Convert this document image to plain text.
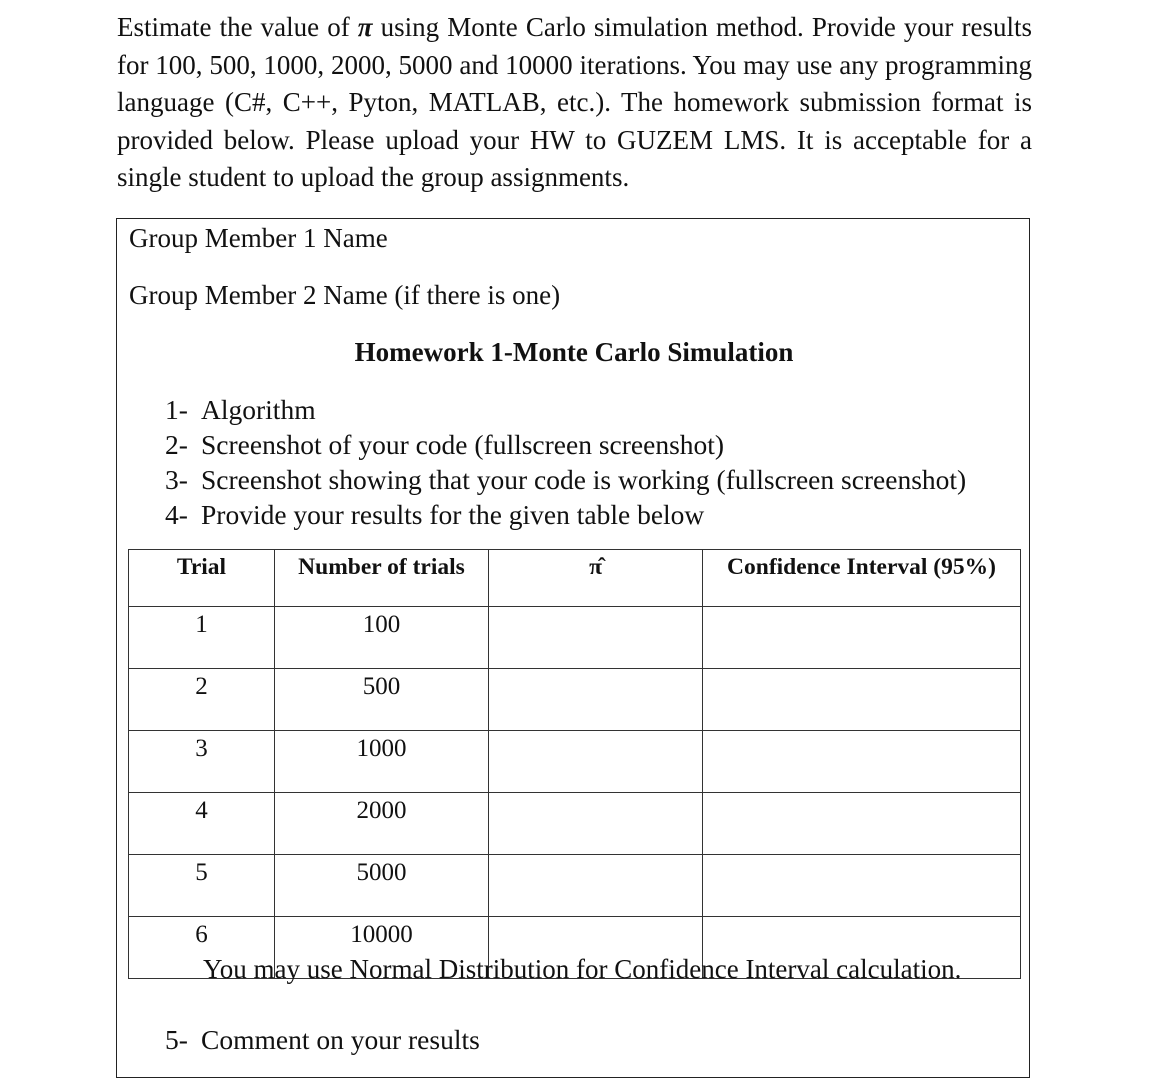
Estimate the value of π using Monte Carlo simulation method. Provide your results for 100, 500, 1000, 2000, 5000 and 10000 iterations. You may use any programming language (C#, C++, Pyton, MATLAB, etc.). The homework submission format is provided below. Please upload your HW to GUZEM LMS. It is acceptable for a single student to upload the group assignments.

Group Member 1 Name

Group Member 2 Name (if there is one)

Homework 1-Monte Carlo Simulation

1- Algorithm
2- Screenshot of your code (fullscreen screenshot)
3- Screenshot showing that your code is working (fullscreen screenshot)
4- Provide your results for the given table below
Trial	Number of trials	π̂	Confidence Interval (95%)
1	100		
2	500		
3	1000		
4	2000		
5	5000		
6	10000		

You may use Normal Distribution for Confidence Interval calculation.

5- Comment on your results
